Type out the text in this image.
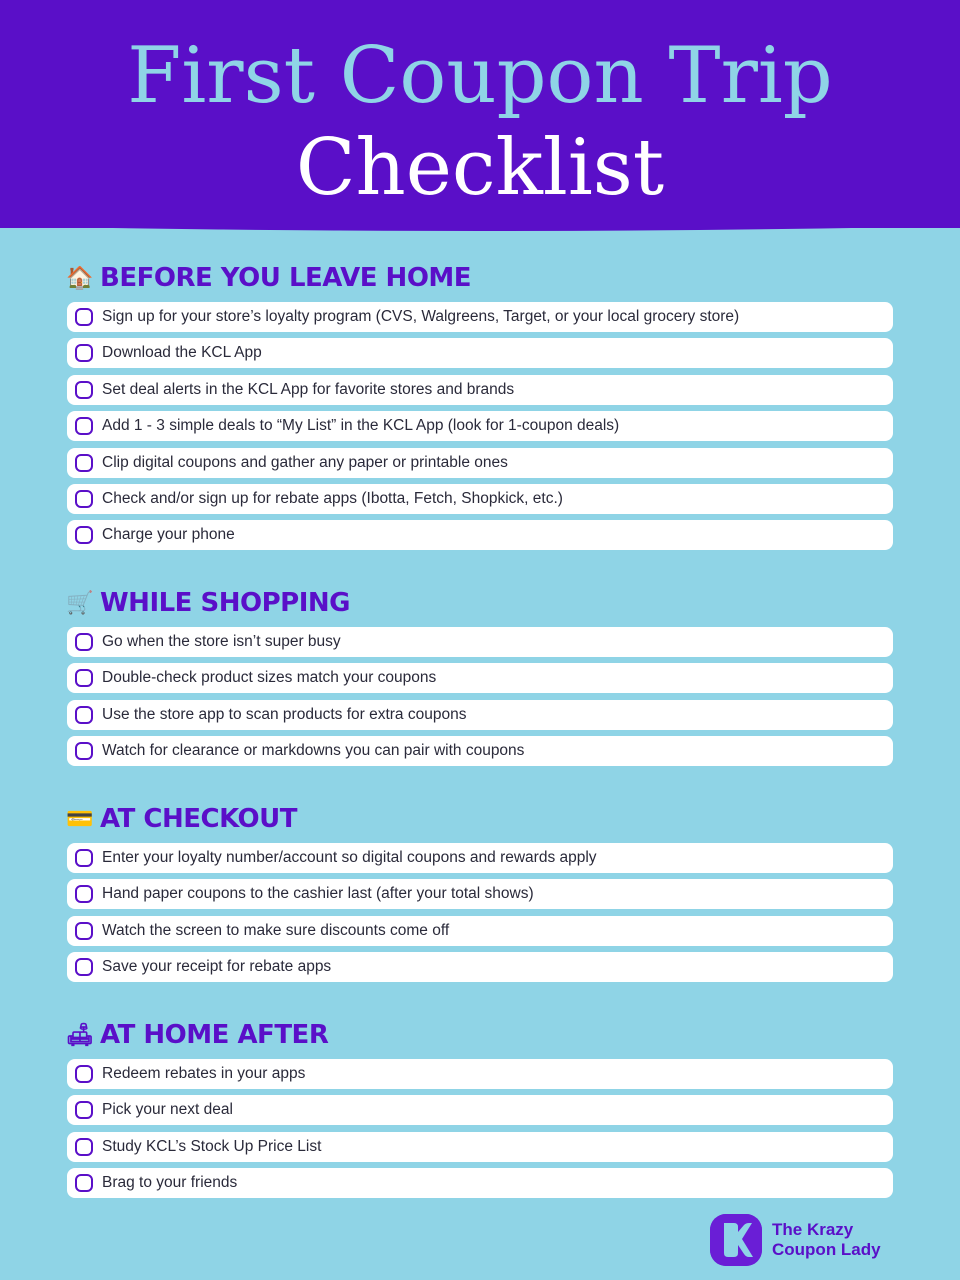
First Coupon Trip
Checklist
🏠 BEFORE YOU LEAVE HOME
Sign up for your store’s loyalty program (CVS, Walgreens, Target, or your local grocery store)
Download the KCL App
Set deal alerts in the KCL App for favorite stores and brands
Add 1 - 3 simple deals to “My List” in the KCL App (look for 1-coupon deals)
Clip digital coupons and gather any paper or printable ones
Check and/or sign up for rebate apps (Ibotta, Fetch, Shopkick, etc.)
Charge your phone
🛒 WHILE SHOPPING
Go when the store isn’t super busy
Double-check product sizes match your coupons
Use the store app to scan products for extra coupons
Watch for clearance or markdowns you can pair with coupons
💳 AT CHECKOUT
Enter your loyalty number/account so digital coupons and rewards apply
Hand paper coupons to the cashier last (after your total shows)
Watch the screen to make sure discounts come off
Save your receipt for rebate apps
🛋 AT HOME AFTER
Redeem rebates in your apps
Pick your next deal
Study KCL’s Stock Up Price List
Brag to your friends
The Krazy
Coupon Lady
